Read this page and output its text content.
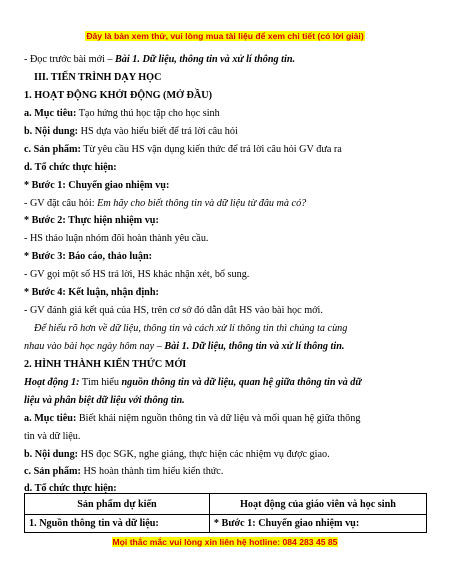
Đây là bản xem thử, vui lòng mua tài liệu để xem chi tiết (có lời giải)
- Đọc trước bài mới – Bài 1. Dữ liệu, thông tin và xử lí thông tin.
III. TIẾN TRÌNH DẠY HỌC
1. HOẠT ĐỘNG KHỞI ĐỘNG (MỞ ĐẦU)
a. Mục tiêu: Tạo hứng thú học tập cho học sinh
b. Nội dung: HS dựa vào hiểu biết để trả lời câu hỏi
c. Sản phẩm: Từ yêu cầu HS vận dụng kiến thức để trả lời câu hỏi GV đưa ra
d. Tổ chức thực hiện:
* Bước 1: Chuyển giao nhiệm vụ:
- GV đặt câu hỏi: Em hãy cho biết thông tin và dữ liệu từ đâu mà có?
* Bước 2: Thực hiện nhiệm vụ:
- HS thảo luận nhóm đôi hoàn thành yêu cầu.
* Bước 3: Báo cáo, thảo luận:
- GV gọi một số HS trả lời, HS khác nhận xét, bổ sung.
* Bước 4: Kết luận, nhận định:
- GV đánh giá kết quả của HS, trên cơ sở đó dẫn dắt HS vào bài học mới.
Để hiểu rõ hơn về dữ liệu, thông tin và cách xử lí thông tin thì chúng ta cùng
nhau vào bài học ngày hôm nay – Bài 1. Dữ liệu, thông tin và xử lí thông tin.
2. HÌNH THÀNH KIẾN THỨC MỚI
Hoạt động 1: Tìm hiểu nguồn thông tin và dữ liệu, quan hệ giữa thông tin và dữ
liệu và phân biệt dữ liệu với thông tin.
a. Mục tiêu: Biết khái niệm nguồn thông tin và dữ liệu và mối quan hệ giữa thông
tin và dữ liệu.
b. Nội dung: HS đọc SGK, nghe giảng, thực hiện các nhiệm vụ được giao.
c. Sản phẩm: HS hoàn thành tìm hiểu kiến thức.
d. Tổ chức thực hiện:
Sản phẩm dự kiến	Hoạt động của giáo viên và học sinh
1. Nguồn thông tin và dữ liệu:	* Bước 1: Chuyển giao nhiệm vụ:
Mọi thắc mắc vui lòng xin liên hệ hotline: 084 283 45 85
